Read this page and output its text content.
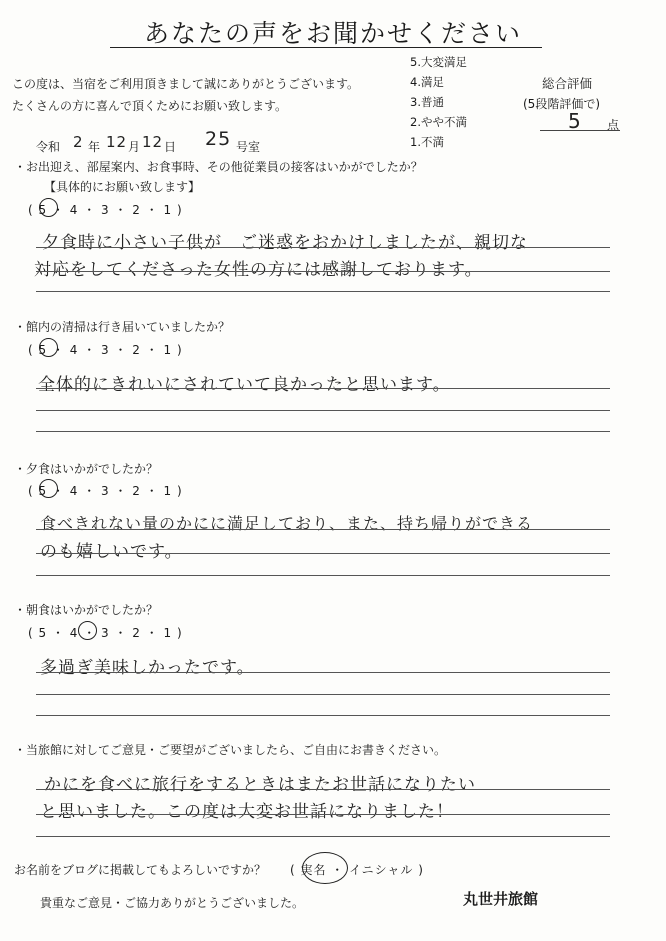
あなたの声をお聞かせください
この度は、当宿をご利用頂きまして誠にありがとうございます。
たくさんの方に喜んで頂くためにお願い致します。
5.大変満足
4.満足
3.普通
2.やや不満
1.不満
総合評価
(5段階評価で)
5 点
令和 2 年 12 月 12 日 25 号室
・お出迎え、部屋案内、お食事時、その他従業員の接客はいかがでしたか？
【具体的にお願い致します】
( 5 ・ 4 ・ 3 ・ 2 ・ 1 )
夕食時に小さい子供が　ご迷惑をおかけしましたが、親切な
対応をしてくださった女性の方には感謝しております。
・館内の清掃は行き届いていましたか？
( 5 ・ 4 ・ 3 ・ 2 ・ 1 )
全体的にきれいにされていて良かったと思います。
・夕食はいかがでしたか？
( 5 ・ 4 ・ 3 ・ 2 ・ 1 )
食べきれない量のかにに満足しており、また、持ち帰りができる
のも嬉しいです。
・朝食はいかがでしたか？
( 5 ・ 4 ・ 3 ・ 2 ・ 1 )
多過ぎ美味しかったです。
・当旅館に対してご意見・ご要望がございましたら、ご自由にお書きください。
かにを食べに旅行をするときはまたお世話になりたい
と思いました。この度は大変お世話になりました！
お名前をブログに掲載してもよろしいですか？ ( 実名 ・ イニシャル )
貴重なご意見・ご協力ありがとうございました。	丸世井旅館
